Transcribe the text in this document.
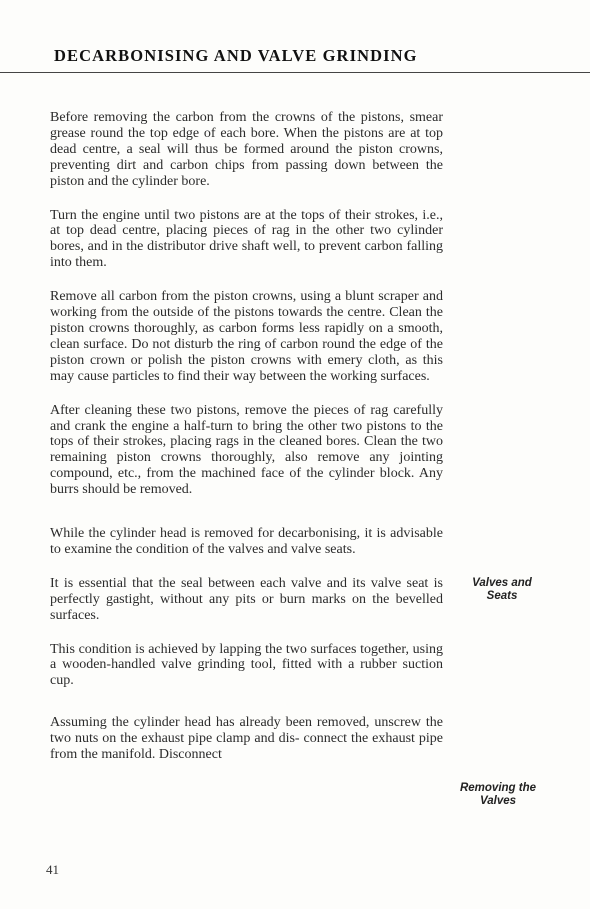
DECARBONISING AND VALVE GRINDING

Before removing the carbon from the crowns of the pistons, smear grease round the top edge of each bore. When the pistons are at top dead centre, a seal will thus be formed around the piston crowns, preventing dirt and carbon chips from passing down between the piston and the cylinder bore.

Turn the engine until two pistons are at the tops of their strokes, i.e., at top dead centre, placing pieces of rag in the other two cylinder bores, and in the distributor drive shaft well, to prevent carbon falling into them.

Remove all carbon from the piston crowns, using a blunt scraper and working from the outside of the pistons towards the centre. Clean the piston crowns thoroughly, as carbon forms less rapidly on a smooth, clean surface. Do not disturb the ring of carbon round the edge of the piston crown or polish the piston crowns with emery cloth, as this may cause particles to find their way between the working surfaces.

After cleaning these two pistons, remove the pieces of rag carefully and crank the engine a half-turn to bring the other two pistons to the tops of their strokes, placing rags in the cleaned bores. Clean the two remaining piston crowns thoroughly, also remove any jointing compound, etc., from the machined face of the cylinder block. Any burrs should be removed.

While the cylinder head is removed for decarbonising, it is advisable to examine the condition of the valves and valve seats.

It is essential that the seal between each valve and its valve seat is perfectly gastight, without any pits or burn marks on the bevelled surfaces.

This condition is achieved by lapping the two surfaces together, using a wooden-handled valve grinding tool, fitted with a rubber suction cup.

Assuming the cylinder head has already been removed, unscrew the two nuts on the exhaust pipe clamp and dis- connect the exhaust pipe from the manifold. Disconnect

Valves and
Seats
Removing the
Valves
41
